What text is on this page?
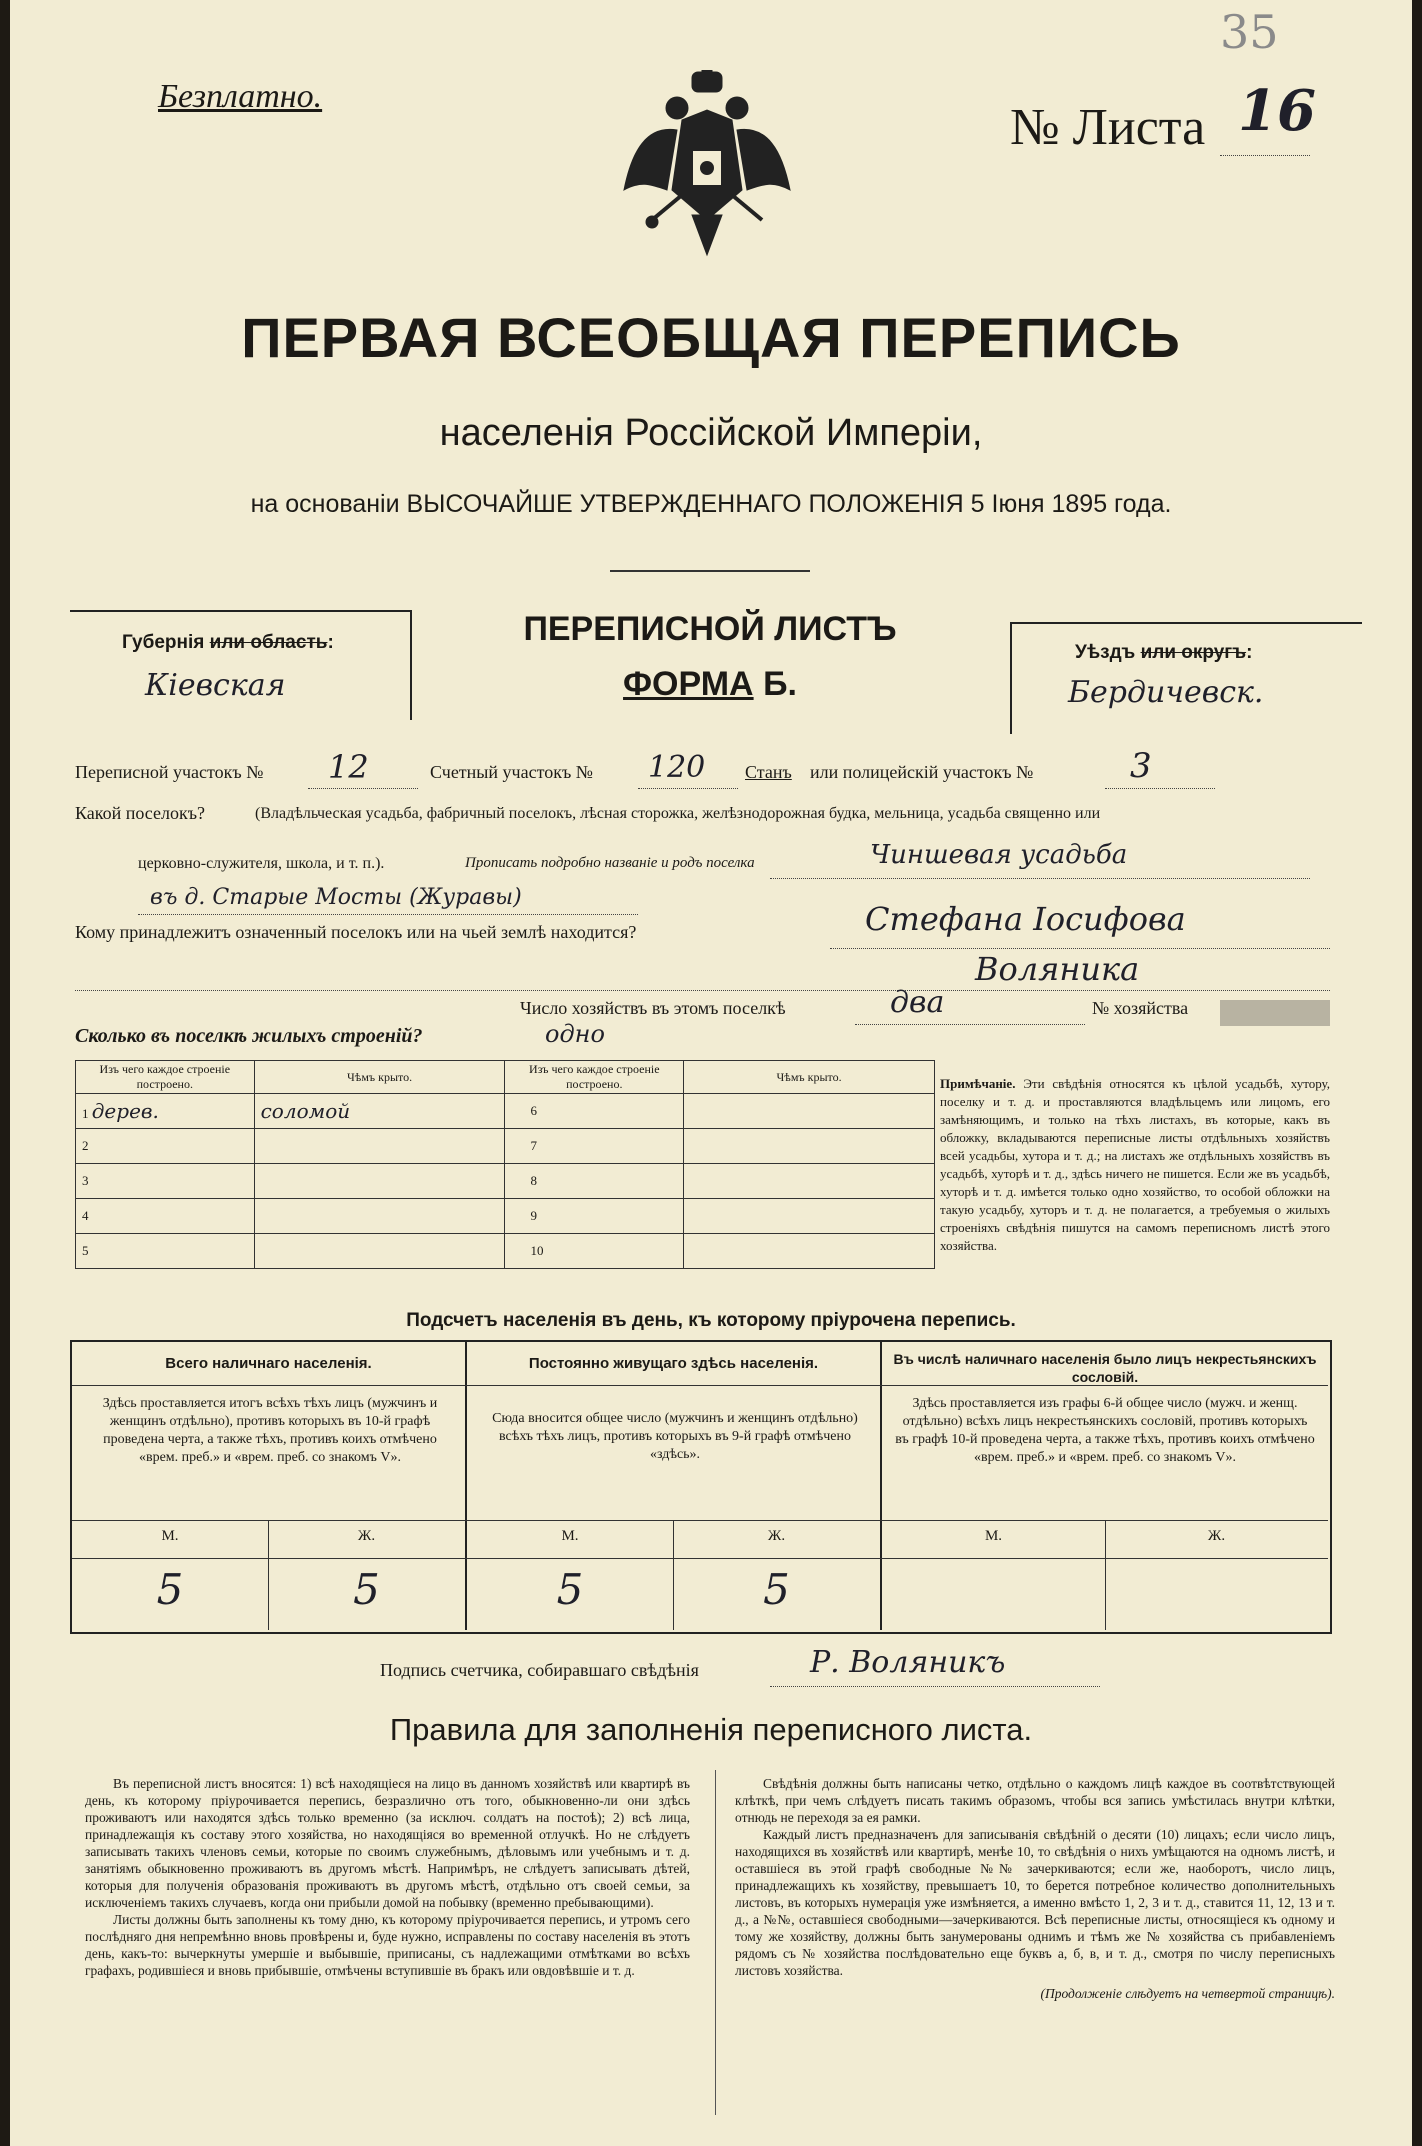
35
Безплатно.
№ Листа 16
ПЕРВАЯ ВСЕОБЩАЯ ПЕРЕПИСЬ
населенія Россійской Имперіи,
на основаніи ВЫСОЧАЙШЕ УТВЕРЖДЕННАГО ПОЛОЖЕНІЯ 5 Іюня 1895 года.
Губернія или область:
Кіевская
ПЕРЕПИСНОЙ ЛИСТЪ
ФОРМА Б.
Уѣздъ или округъ:
Бердичевск.
Переписной участокъ № 12	Счетный участокъ № 120 Станъ или полицейскій участокъ №	3
Какой поселокъ?	(Владѣльческая усадьба, фабричный поселокъ, лѣсная сторожка, желѣзнодорожная будка, мельница, усадьба священно или
церковно-служителя, школа, и т. п.).	Прописать подробно названіе и родъ поселка	Чиншевая усадьба
въ д. Старые Мосты (Журавы)
Кому принадлежитъ означенный поселокъ или на чьей землѣ находится?	Стефана Іосифова
Воляника
Число хозяйствъ въ этомъ поселкѣ	два	№ хозяйства
Сколько въ поселкѣ жилыхъ строеній?	одно
Изъ чего каждое строеніе построено.	Чѣмъ крыто.	Изъ чего каждое строеніе построено.	Чѣмъ крыто.
1 дерев.	соломой	6	
2		7	
3		8	
4		9	
5		10	
Примѣчаніе. Эти свѣдѣнія относятся къ цѣлой усадьбѣ, хутору, поселку и т. д. и проставляются владѣльцемъ или лицомъ, его замѣняющимъ, и только на тѣхъ листахъ, въ которые, какъ въ обложку, вкладываются переписные листы отдѣльныхъ хозяйствъ всей усадьбы, хутора и т. д.; на листахъ же отдѣльныхъ хозяйствъ въ усадьбѣ, хуторѣ и т. д., здѣсь ничего не пишется. Если же въ усадьбѣ, хуторѣ и т. д. имѣется только одно хозяйство, то особой обложки на такую усадьбу, хуторъ и т. д. не полагается, а требуемыя о жилыхъ строеніяхъ свѣдѣнія пишутся на самомъ переписномъ листѣ этого хозяйства.
Подсчетъ населенія въ день, къ которому пріурочена перепись.
Всего наличнаго населенія.	Постоянно живущаго здѣсь населенія.	Въ числѣ наличнаго населенія было лицъ некрестьянскихъ сословій.
Здѣсь проставляется итогъ всѣхъ тѣхъ лицъ (мужчинъ и женщинъ отдѣльно), противъ которыхъ въ 10-й графѣ проведена черта, а также тѣхъ, противъ коихъ отмѣчено «врем. преб.» и «врем. преб. со знакомъ V».
Сюда вносится общее число (мужчинъ и женщинъ отдѣльно) всѣхъ тѣхъ лицъ, противъ которыхъ въ 9-й графѣ отмѣчено «здѣсь».
Здѣсь проставляется изъ графы 6-й общее число (мужч. и женщ. отдѣльно) всѣхъ лицъ некрестьянскихъ сословій, противъ которыхъ въ графѣ 10-й проведена черта, а также тѣхъ, противъ коихъ отмѣчено «врем. преб.» и «врем. преб. со знакомъ V».
М.	Ж.	М.	Ж.	М.	Ж.
5	5	5	5
Подпись счетчика, собиравшаго свѣдѣнія	Р. Воляникъ
Правила для заполненія переписного листа.

Въ переписной листъ вносятся: 1) всѣ находящіеся на лицо въ данномъ хозяйствѣ или квартирѣ въ день, къ которому пріурочивается перепись, безразлично отъ того, обыкновенно-ли они здѣсь проживаютъ или находятся здѣсь только временно (за исключ. солдатъ на постоѣ); 2) всѣ лица, принадлежащія къ составу этого хозяйства, но находящіяся во временной отлучкѣ. Но не слѣдуетъ записывать такихъ членовъ семьи, которые по своимъ служебнымъ, дѣловымъ или учебнымъ и т. д. занятіямъ обыкновенно проживаютъ въ другомъ мѣстѣ. Напримѣръ, не слѣдуетъ записывать дѣтей, которыя для полученія образованія проживаютъ въ другомъ мѣстѣ, отдѣльно отъ своей семьи, за исключеніемъ такихъ случаевъ, когда они прибыли домой на побывку (временно пребывающими).

Листы должны быть заполнены къ тому дню, къ которому пріурочивается перепись, и утромъ сего послѣдняго дня непремѣнно вновь провѣрены и, буде нужно, исправлены по составу населенія въ этотъ день, какъ-то: вычеркнуты умершіе и выбывшіе, приписаны, съ надлежащими отмѣтками во всѣхъ графахъ, родившіеся и вновь прибывшіе, отмѣчены вступившіе въ бракъ или овдовѣвшіе и т. д.

Свѣдѣнія должны быть написаны четко, отдѣльно о каждомъ лицѣ каждое въ соотвѣтствующей клѣткѣ, при чемъ слѣдуетъ писать такимъ образомъ, чтобы вся запись умѣстилась внутри клѣтки, отнюдь не переходя за ея рамки.

Каждый листъ предназначенъ для записыванія свѣдѣній о десяти (10) лицахъ; если число лицъ, находящихся въ хозяйствѣ или квартирѣ, менѣе 10, то свѣдѣнія о нихъ умѣщаются на одномъ листѣ, и оставшіеся въ этой графѣ свободные №№ зачеркиваются; если же, наоборотъ, число лицъ, принадлежащихъ къ хозяйству, превышаетъ 10, то берется потребное количество дополнительныхъ листовъ, въ которыхъ нумерація уже измѣняется, а именно вмѣсто 1, 2, 3 и т. д., ставится 11, 12, 13 и т. д., а №№, оставшіеся свободными—зачеркиваются. Всѣ переписные листы, относящіеся къ одному и тому же хозяйству, должны быть занумерованы однимъ и тѣмъ же № хозяйства съ прибавленіемъ рядомъ съ № хозяйства послѣдовательно еще буквъ а, б, в, и т. д., смотря по числу переписныхъ листовъ хозяйства.

(Продолженіе слѣдуетъ на четвертой страницѣ).
